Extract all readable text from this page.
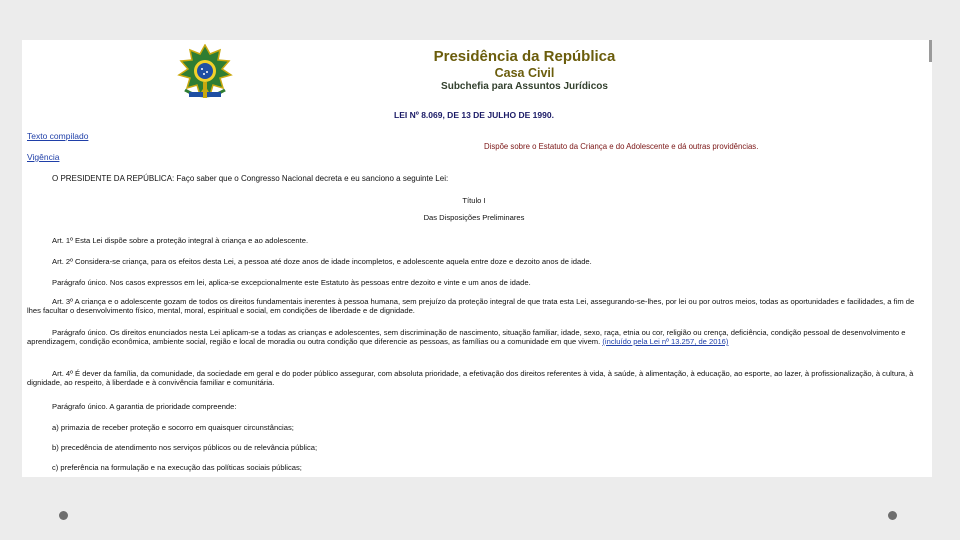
Presidência da República
Casa Civil
Subchefia para Assuntos Jurídicos
LEI Nº 8.069, DE 13 DE JULHO DE 1990.
Texto compilado
Vigência
Dispõe sobre o Estatuto da Criança e do Adolescente e dá outras providências.
O PRESIDENTE DA REPÚBLICA: Faço saber que o Congresso Nacional decreta e eu sanciono a seguinte Lei:
Título I
Das Disposições Preliminares
Art. 1º Esta Lei dispõe sobre a proteção integral à criança e ao adolescente.
Art. 2º Considera-se criança, para os efeitos desta Lei, a pessoa até doze anos de idade incompletos, e adolescente aquela entre doze e dezoito anos de idade.
Parágrafo único. Nos casos expressos em lei, aplica-se excepcionalmente este Estatuto às pessoas entre dezoito e vinte e um anos de idade.
Art. 3º A criança e o adolescente gozam de todos os direitos fundamentais inerentes à pessoa humana, sem prejuízo da proteção integral de que trata esta Lei, assegurando-se-lhes, por lei ou por outros meios, todas as oportunidades e facilidades, a fim de lhes facultar o desenvolvimento físico, mental, moral, espiritual e social, em condições de liberdade e de dignidade.
Parágrafo único. Os direitos enunciados nesta Lei aplicam-se a todas as crianças e adolescentes, sem discriminação de nascimento, situação familiar, idade, sexo, raça, etnia ou cor, religião ou crença, deficiência, condição pessoal de desenvolvimento e aprendizagem, condição econômica, ambiente social, região e local de moradia ou outra condição que diferencie as pessoas, as famílias ou a comunidade em que vivem. (incluído pela Lei nº 13.257, de 2016)
Art. 4º É dever da família, da comunidade, da sociedade em geral e do poder público assegurar, com absoluta prioridade, a efetivação dos direitos referentes à vida, à saúde, à alimentação, à educação, ao esporte, ao lazer, à profissionalização, à cultura, à dignidade, ao respeito, à liberdade e à convivência familiar e comunitária.
Parágrafo único. A garantia de prioridade compreende:
a) primazia de receber proteção e socorro em quaisquer circunstâncias;
b) precedência de atendimento nos serviços públicos ou de relevância pública;
c) preferência na formulação e na execução das políticas sociais públicas;
